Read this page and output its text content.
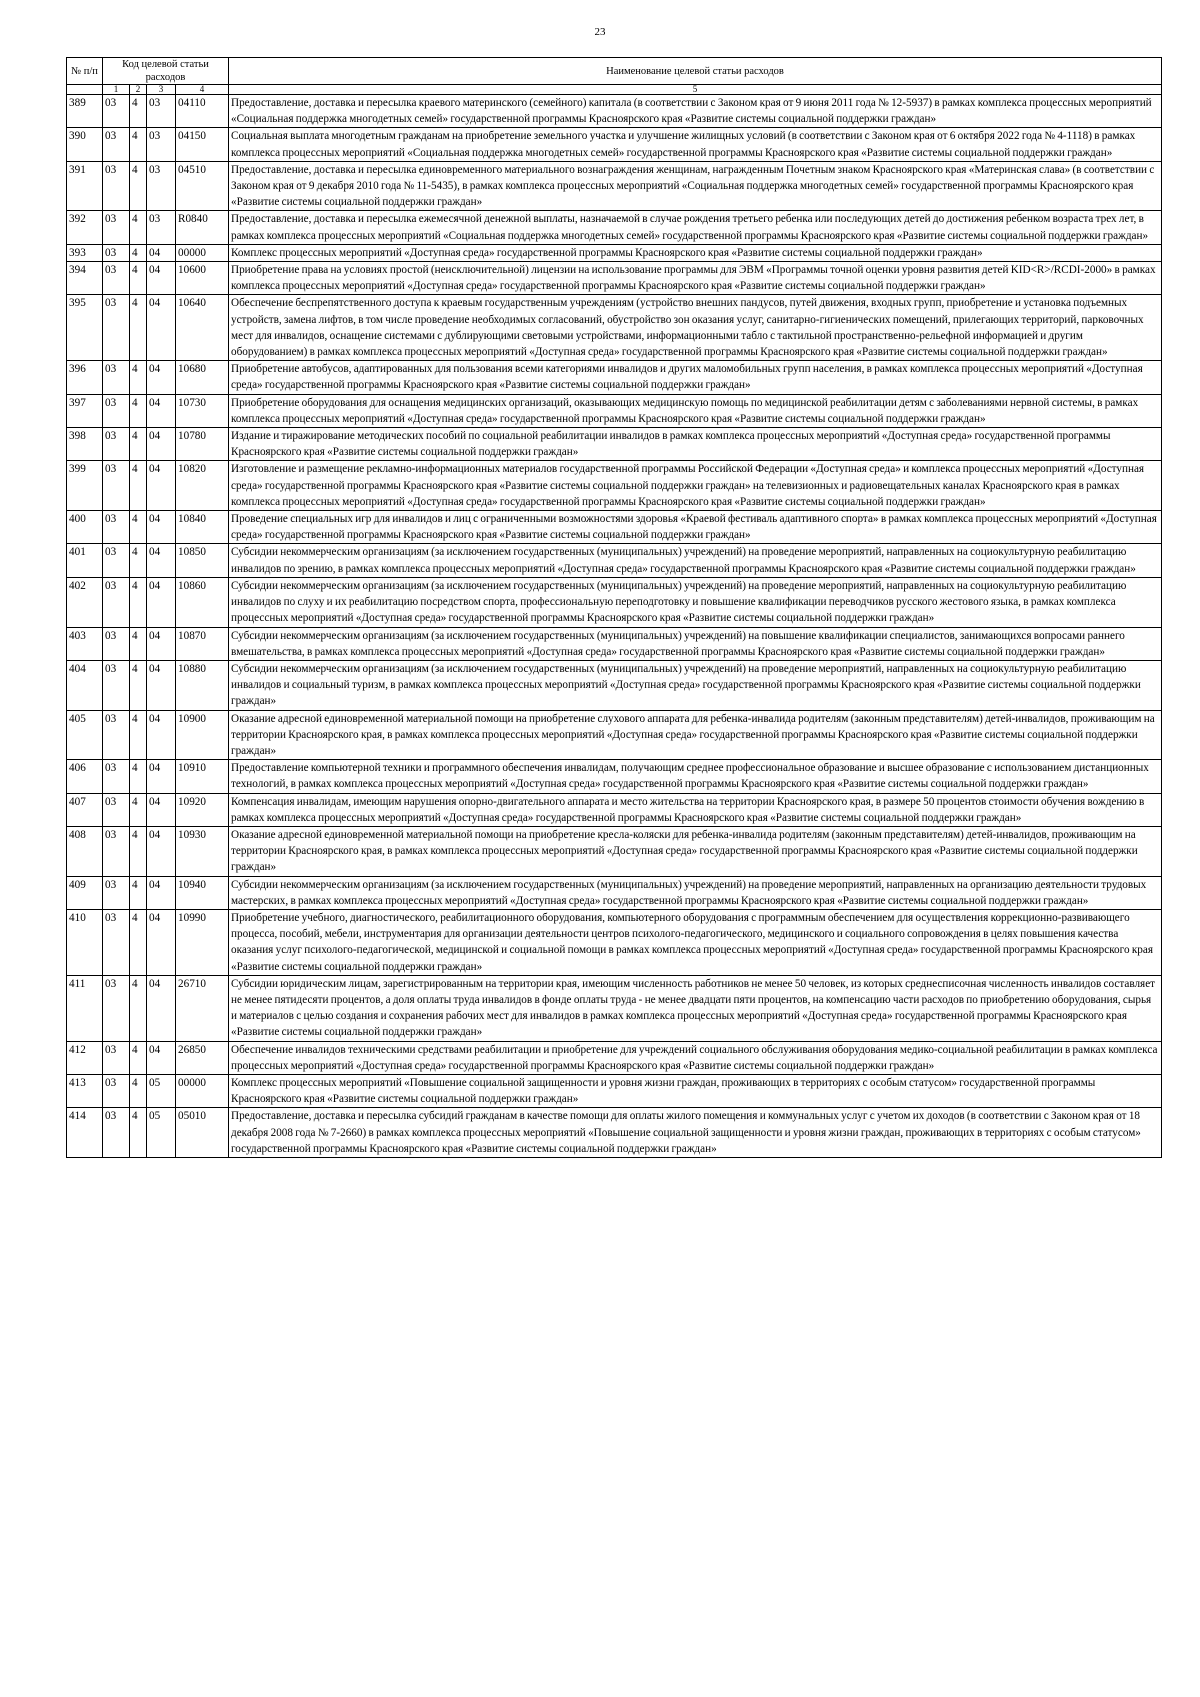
23
№ п/п	Код целевой статьи расходов				Наименование целевой статьи расходов

	1	2	3	4	5
389	03	4	03	04110	Предоставление, доставка и пересылка краевого материнского (семейного) капитала (в соответствии с Законом края от 9 июня 2011 года № 12-5937) в рамках комплекса процессных мероприятий «Социальная поддержка многодетных семей» государственной программы Красноярского края «Развитие системы социальной поддержки граждан»
390	03	4	03	04150	Социальная выплата многодетным гражданам на приобретение земельного участка и улучшение жилищных условий (в соответствии с Законом края от 6 октября 2022 года № 4-1118) в рамках комплекса процессных мероприятий «Социальная поддержка многодетных семей» государственной программы Красноярского края «Развитие системы социальной поддержки граждан»
391	03	4	03	04510	Предоставление, доставка и пересылка единовременного материального вознаграждения женщинам, награжденным Почетным знаком Красноярского края «Материнская слава» (в соответствии с Законом края от 9 декабря 2010 года № 11-5435), в рамках комплекса процессных мероприятий «Социальная поддержка многодетных семей» государственной программы Красноярского края «Развитие системы социальной поддержки граждан»
392	03	4	03	R0840	Предоставление, доставка и пересылка ежемесячной денежной выплаты, назначаемой в случае рождения третьего ребенка или последующих детей до достижения ребенком возраста трех лет, в рамках комплекса процессных мероприятий «Социальная поддержка многодетных семей» государственной программы Красноярского края «Развитие системы социальной поддержки граждан»
393	03	4	04	00000	Комплекс процессных мероприятий «Доступная среда» государственной программы Красноярского края «Развитие системы социальной поддержки граждан»
394	03	4	04	10600	Приобретение права на условиях простой (неисключительной) лицензии на использование программы для ЭВМ «Программы точной оценки уровня развития детей KID<R>/RCDI-2000» в рамках комплекса процессных мероприятий «Доступная среда» государственной программы Красноярского края «Развитие системы социальной поддержки граждан»
395	03	4	04	10640	Обеспечение беспрепятственного доступа к краевым государственным учреждениям (устройство внешних пандусов, путей движения, входных групп, приобретение и установка подъемных устройств, замена лифтов, в том числе проведение необходимых согласований, обустройство зон оказания услуг, санитарно-гигиенических помещений, прилегающих территорий, парковочных мест для инвалидов, оснащение системами с дублирующими световыми устройствами, информационными табло с тактильной пространственно-рельефной информацией и другим оборудованием) в рамках комплекса процессных мероприятий «Доступная среда» государственной программы Красноярского края «Развитие системы социальной поддержки граждан»
396	03	4	04	10680	Приобретение автобусов, адаптированных для пользования всеми категориями инвалидов и других маломобильных групп населения, в рамках комплекса процессных мероприятий «Доступная среда» государственной программы Красноярского края «Развитие системы социальной поддержки граждан»
397	03	4	04	10730	Приобретение оборудования для оснащения медицинских организаций, оказывающих медицинскую помощь по медицинской реабилитации детям с заболеваниями нервной системы, в рамках комплекса процессных мероприятий «Доступная среда» государственной программы Красноярского края «Развитие системы социальной поддержки граждан»
398	03	4	04	10780	Издание и тиражирование методических пособий по социальной реабилитации инвалидов в рамках комплекса процессных мероприятий «Доступная среда» государственной программы Красноярского края «Развитие системы социальной поддержки граждан»
399	03	4	04	10820	Изготовление и размещение рекламно-информационных материалов государственной программы Российской Федерации «Доступная среда» и комплекса процессных мероприятий «Доступная среда» государственной программы Красноярского края «Развитие системы социальной поддержки граждан» на телевизионных и радиовещательных каналах Красноярского края в рамках комплекса процессных мероприятий «Доступная среда» государственной программы Красноярского края «Развитие системы социальной поддержки граждан»
400	03	4	04	10840	Проведение специальных игр для инвалидов и лиц с ограниченными возможностями здоровья «Краевой фестиваль адаптивного спорта» в рамках комплекса процессных мероприятий «Доступная среда» государственной программы Красноярского края «Развитие системы социальной поддержки граждан»
401	03	4	04	10850	Субсидии некоммерческим организациям (за исключением государственных (муниципальных) учреждений) на проведение мероприятий, направленных на социокультурную реабилитацию инвалидов по зрению, в рамках комплекса процессных мероприятий «Доступная среда» государственной программы Красноярского края «Развитие системы социальной поддержки граждан»
402	03	4	04	10860	Субсидии некоммерческим организациям (за исключением государственных (муниципальных) учреждений) на проведение мероприятий, направленных на социокультурную реабилитацию инвалидов по слуху и их реабилитацию посредством спорта, профессиональную переподготовку и повышение квалификации переводчиков русского жестового языка, в рамках комплекса процессных мероприятий «Доступная среда» государственной программы Красноярского края «Развитие системы социальной поддержки граждан»
403	03	4	04	10870	Субсидии некоммерческим организациям (за исключением государственных (муниципальных) учреждений) на повышение квалификации специалистов, занимающихся вопросами раннего вмешательства, в рамках комплекса процессных мероприятий «Доступная среда» государственной программы Красноярского края «Развитие системы социальной поддержки граждан»
404	03	4	04	10880	Субсидии некоммерческим организациям (за исключением государственных (муниципальных) учреждений) на проведение мероприятий, направленных на социокультурную реабилитацию инвалидов и социальный туризм, в рамках комплекса процессных мероприятий «Доступная среда» государственной программы Красноярского края «Развитие системы социальной поддержки граждан»
405	03	4	04	10900	Оказание адресной единовременной материальной помощи на приобретение слухового аппарата для ребенка-инвалида родителям (законным представителям) детей-инвалидов, проживающим на территории Красноярского края, в рамках комплекса процессных мероприятий «Доступная среда» государственной программы Красноярского края «Развитие системы социальной поддержки граждан»
406	03	4	04	10910	Предоставление компьютерной техники и программного обеспечения инвалидам, получающим среднее профессиональное образование и высшее образование с использованием дистанционных технологий, в рамках комплекса процессных мероприятий «Доступная среда» государственной программы Красноярского края «Развитие системы социальной поддержки граждан»
407	03	4	04	10920	Компенсация инвалидам, имеющим нарушения опорно-двигательного аппарата и место жительства на территории Красноярского края, в размере 50 процентов стоимости обучения вождению в рамках комплекса процессных мероприятий «Доступная среда» государственной программы Красноярского края «Развитие системы социальной поддержки граждан»
408	03	4	04	10930	Оказание адресной единовременной материальной помощи на приобретение кресла-коляски для ребенка-инвалида родителям (законным представителям) детей-инвалидов, проживающим на территории Красноярского края, в рамках комплекса процессных мероприятий «Доступная среда» государственной программы Красноярского края «Развитие системы социальной поддержки граждан»
409	03	4	04	10940	Субсидии некоммерческим организациям (за исключением государственных (муниципальных) учреждений) на проведение мероприятий, направленных на организацию деятельности трудовых мастерских, в рамках комплекса процессных мероприятий «Доступная среда» государственной программы Красноярского края «Развитие системы социальной поддержки граждан»
410	03	4	04	10990	Приобретение учебного, диагностического, реабилитационного оборудования, компьютерного оборудования с программным обеспечением для осуществления коррекционно-развивающего процесса, пособий, мебели, инструментария для организации деятельности центров психолого-педагогического, медицинского и социального сопровождения в целях повышения качества оказания услуг психолого-педагогической, медицинской и социальной помощи в рамках комплекса процессных мероприятий «Доступная среда» государственной программы Красноярского края «Развитие системы социальной поддержки граждан»
411	03	4	04	26710	Субсидии юридическим лицам, зарегистрированным на территории края, имеющим численность работников не менее 50 человек, из которых среднесписочная численность инвалидов составляет не менее пятидесяти процентов, а доля оплаты труда инвалидов в фонде оплаты труда - не менее двадцати пяти процентов, на компенсацию части расходов по приобретению оборудования, сырья и материалов с целью создания и сохранения рабочих мест для инвалидов в рамках комплекса процессных мероприятий «Доступная среда» государственной программы Красноярского края «Развитие системы социальной поддержки граждан»
412	03	4	04	26850	Обеспечение инвалидов техническими средствами реабилитации и приобретение для учреждений социального обслуживания оборудования медико-социальной реабилитации в рамках комплекса процессных мероприятий «Доступная среда» государственной программы Красноярского края «Развитие системы социальной поддержки граждан»
413	03	4	05	00000	Комплекс процессных мероприятий «Повышение социальной защищенности и уровня жизни граждан, проживающих в территориях с особым статусом» государственной программы Красноярского края «Развитие системы социальной поддержки граждан»
414	03	4	05	05010	Предоставление, доставка и пересылка субсидий гражданам в качестве помощи для оплаты жилого помещения и коммунальных услуг с учетом их доходов (в соответствии с Законом края от 18 декабря 2008 года № 7-2660) в рамках комплекса процессных мероприятий «Повышение социальной защищенности и уровня жизни граждан, проживающих в территориях с особым статусом» государственной программы Красноярского края «Развитие системы социальной поддержки граждан»
